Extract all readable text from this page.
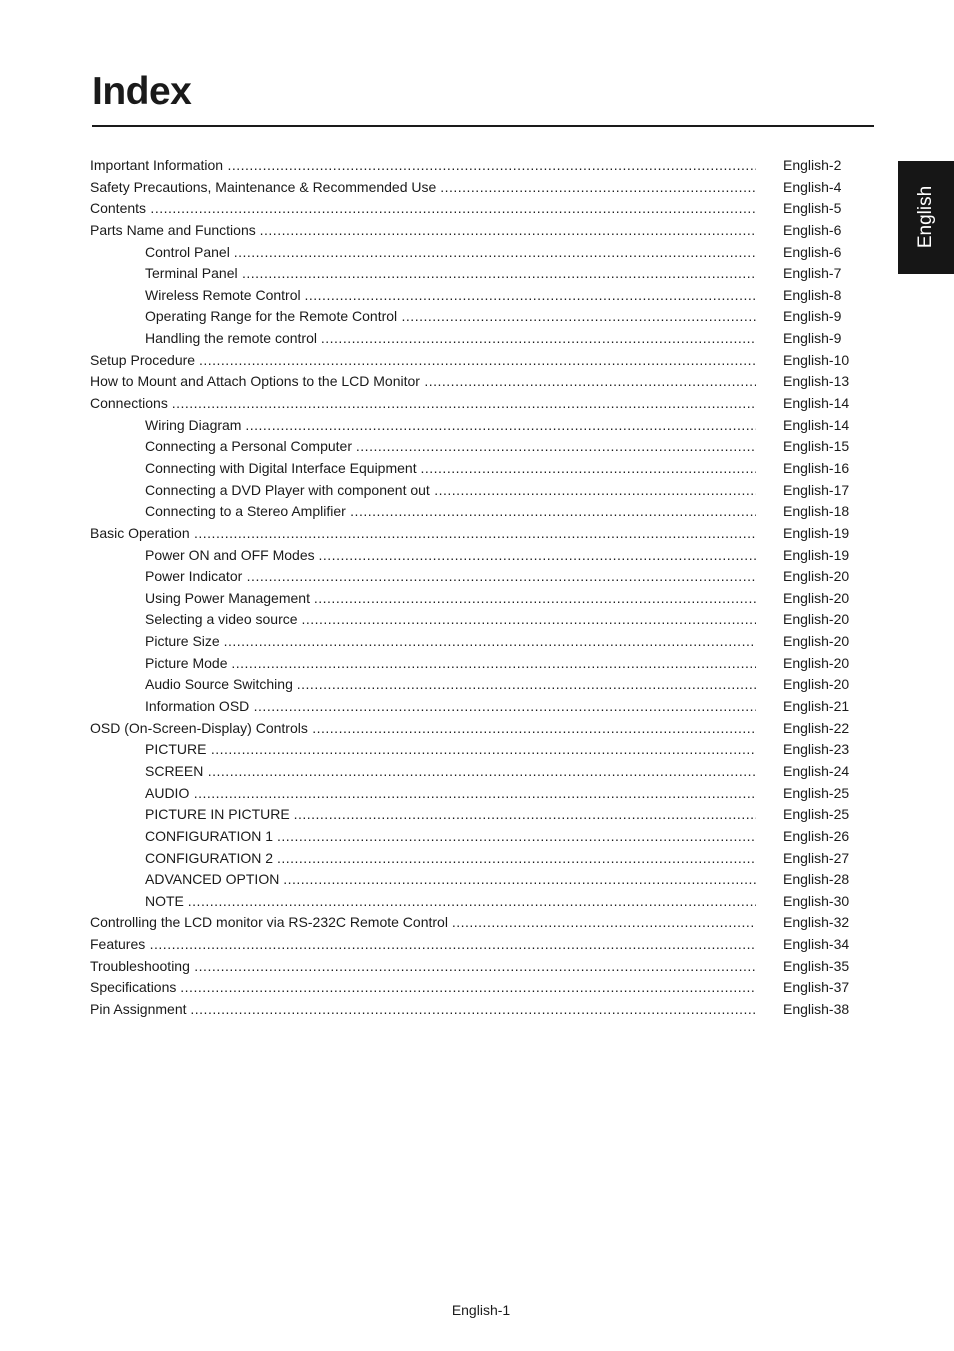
Index
English
Important Information .....	English-2
Safety Precautions, Maintenance & Recommended Use .....	English-4
Contents .....	English-5
Parts Name and Functions .....	English-6
Control Panel .....	English-6
Terminal Panel .....	English-7
Wireless Remote Control .....	English-8
Operating Range for the Remote Control .....	English-9
Handling the remote control .....	English-9
Setup Procedure .....	English-10
How to Mount and Attach Options to the LCD Monitor .....	English-13
Connections .....	English-14
Wiring Diagram .....	English-14
Connecting a Personal Computer .....	English-15
Connecting with Digital Interface Equipment .....	English-16
Connecting a DVD Player with component out .....	English-17
Connecting to a Stereo Amplifier .....	English-18
Basic Operation .....	English-19
Power ON and OFF Modes .....	English-19
Power Indicator .....	English-20
Using Power Management .....	English-20
Selecting a video source .....	English-20
Picture Size .....	English-20
Picture Mode .....	English-20
Audio Source Switching .....	English-20
Information OSD .....	English-21
OSD (On-Screen-Display) Controls .....	English-22
PICTURE .....	English-23
SCREEN .....	English-24
AUDIO .....	English-25
PICTURE IN PICTURE .....	English-25
CONFIGURATION 1 .....	English-26
CONFIGURATION 2 .....	English-27
ADVANCED OPTION .....	English-28
NOTE .....	English-30
Controlling the LCD monitor via RS-232C Remote Control .....	English-32
Features .....	English-34
Troubleshooting .....	English-35
Specifications .....	English-37
Pin Assignment .....	English-38
English-1
